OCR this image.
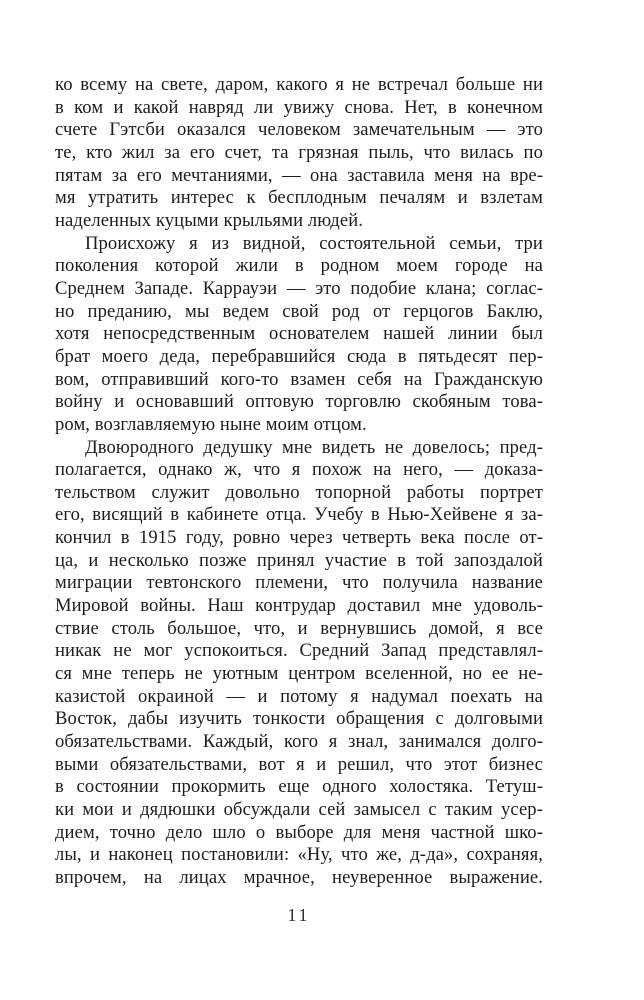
ко всему на свете, даром, какого я не встречал больше ни
в ком и какой навряд ли увижу снова. Нет, в конечном
счете Гэтсби оказался человеком замечательным — это
те, кто жил за его счет, та грязная пыль, что вилась по
пятам за его мечтаниями, — она заставила меня на вре-
мя утратить интерес к бесплодным печалям и взлетам
наделенных куцыми крыльями людей.
Происхожу я из видной, состоятельной семьи, три
поколения которой жили в родном моем городе на
Среднем Западе. Каррауэи — это подобие клана; соглас-
но преданию, мы ведем свой род от герцогов Баклю,
хотя непосредственным основателем нашей линии был
брат моего деда, перебравшийся сюда в пятьдесят пер-
вом, отправивший кого-то взамен себя на Гражданскую
войну и основавший оптовую торговлю скобяным това-
ром, возглавляемую ныне моим отцом.
Двоюродного дедушку мне видеть не довелось; пред-
полагается, однако ж, что я похож на него, — доказа-
тельством служит довольно топорной работы портрет
его, висящий в кабинете отца. Учебу в Нью-Хейвене я за-
кончил в 1915 году, ровно через четверть века после от-
ца, и несколько позже принял участие в той запоздалой
миграции тевтонского племени, что получила название
Мировой войны. Наш контрудар доставил мне удоволь-
ствие столь большое, что, и вернувшись домой, я все
никак не мог успокоиться. Средний Запад представлял-
ся мне теперь не уютным центром вселенной, но ее не-
казистой окраиной — и потому я надумал поехать на
Восток, дабы изучить тонкости обращения с долговыми
обязательствами. Каждый, кого я знал, занимался долго-
выми обязательствами, вот я и решил, что этот бизнес
в состоянии прокормить еще одного холостяка. Тетуш-
ки мои и дядюшки обсуждали сей замысел с таким усер-
дием, точно дело шло о выборе для меня частной шко-
лы, и наконец постановили: «Ну, что же, д-да», сохраняя,
впрочем, на лицах мрачное, неуверенное выражение.
11
